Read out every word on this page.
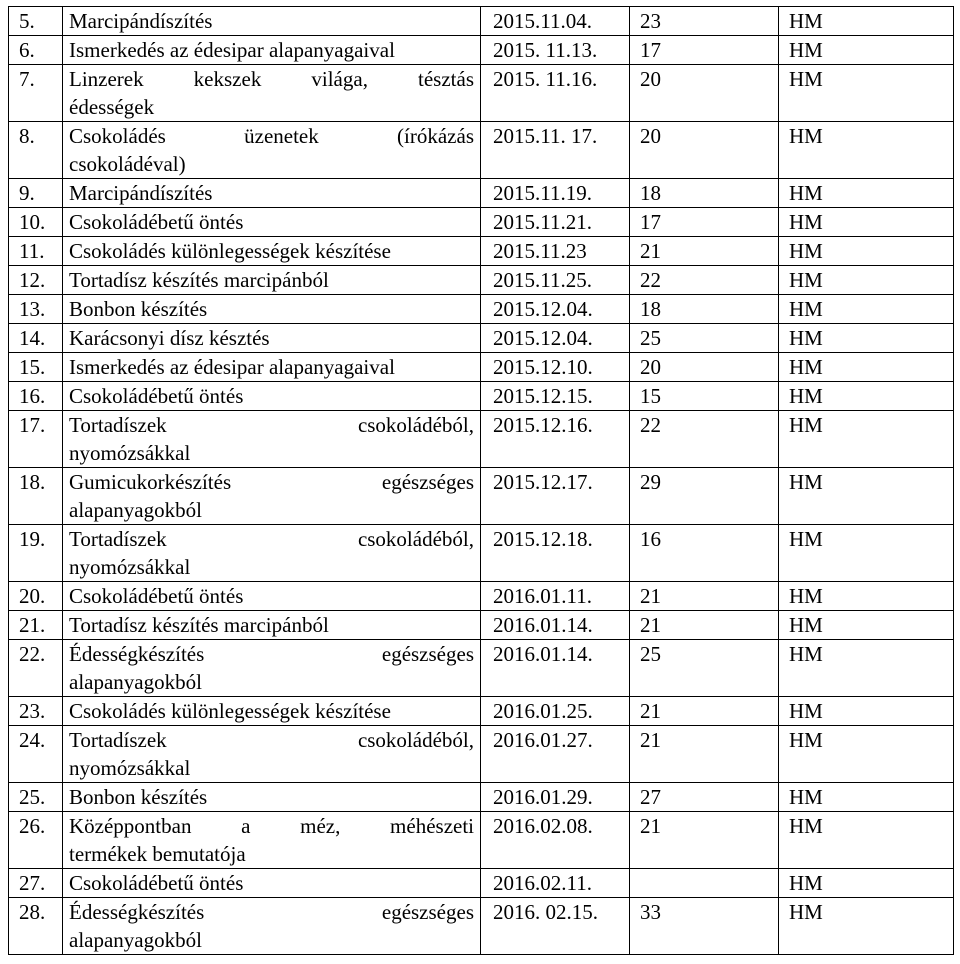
5.	Marcipándíszítés	2015.11.04.	23	HM
6.	Ismerkedés az édesipar alapanyagaival	2015. 11.13.	17	HM
7.	Linzerek kekszek világa, tésztás
édességek	2015. 11.16.	20	HM
8.	Csokoládés üzenetek (írókázás
csokoládéval)	2015.11. 17.	20	HM
9.	Marcipándíszítés	2015.11.19.	18	HM
10.	Csokoládébetű öntés	2015.11.21.	17	HM
11.	Csokoládés különlegességek készítése	2015.11.23	21	HM
12.	Tortadísz készítés marcipánból	2015.11.25.	22	HM
13.	Bonbon készítés	2015.12.04.	18	HM
14.	Karácsonyi dísz késztés	2015.12.04.	25	HM
15.	Ismerkedés az édesipar alapanyagaival	2015.12.10.	20	HM
16.	Csokoládébetű öntés	2015.12.15.	15	HM
17.	Tortadíszek csokoládéból,
nyomózsákkal	2015.12.16.	22	HM
18.	Gumicukorkészítés egészséges
alapanyagokból	2015.12.17.	29	HM
19.	Tortadíszek csokoládéból,
nyomózsákkal	2015.12.18.	16	HM
20.	Csokoládébetű öntés	2016.01.11.	21	HM
21.	Tortadísz készítés marcipánból	2016.01.14.	21	HM
22.	Édességkészítés egészséges
alapanyagokból	2016.01.14.	25	HM
23.	Csokoládés különlegességek készítése	2016.01.25.	21	HM
24.	Tortadíszek csokoládéból,
nyomózsákkal	2016.01.27.	21	HM
25.	Bonbon készítés	2016.01.29.	27	HM
26.	Középpontban a méz, méhészeti
termékek bemutatója	2016.02.08.	21	HM
27.	Csokoládébetű öntés	2016.02.11.		HM
28.	Édességkészítés egészséges
alapanyagokból	2016. 02.15.	33	HM
